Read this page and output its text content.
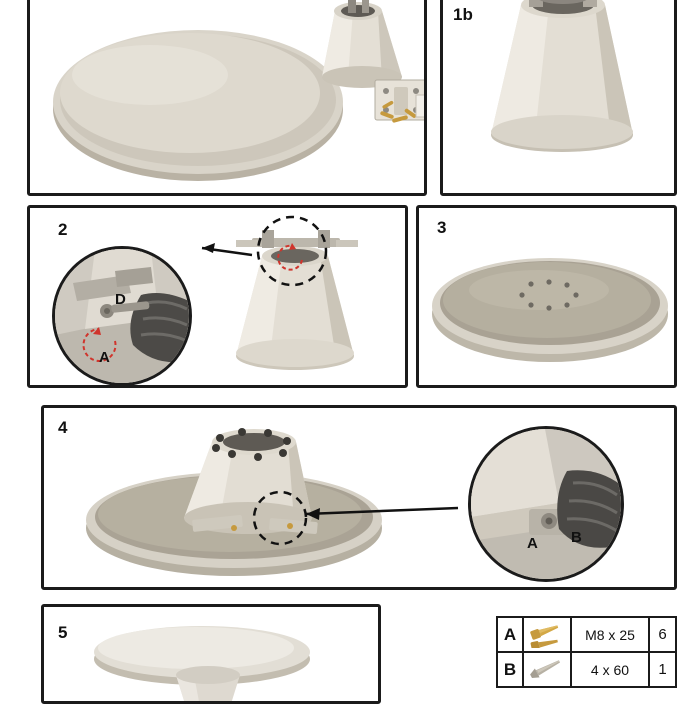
1b
2
D
A
3
4
A B
5	A	M8 x 25	6
B	4 x 60	1
